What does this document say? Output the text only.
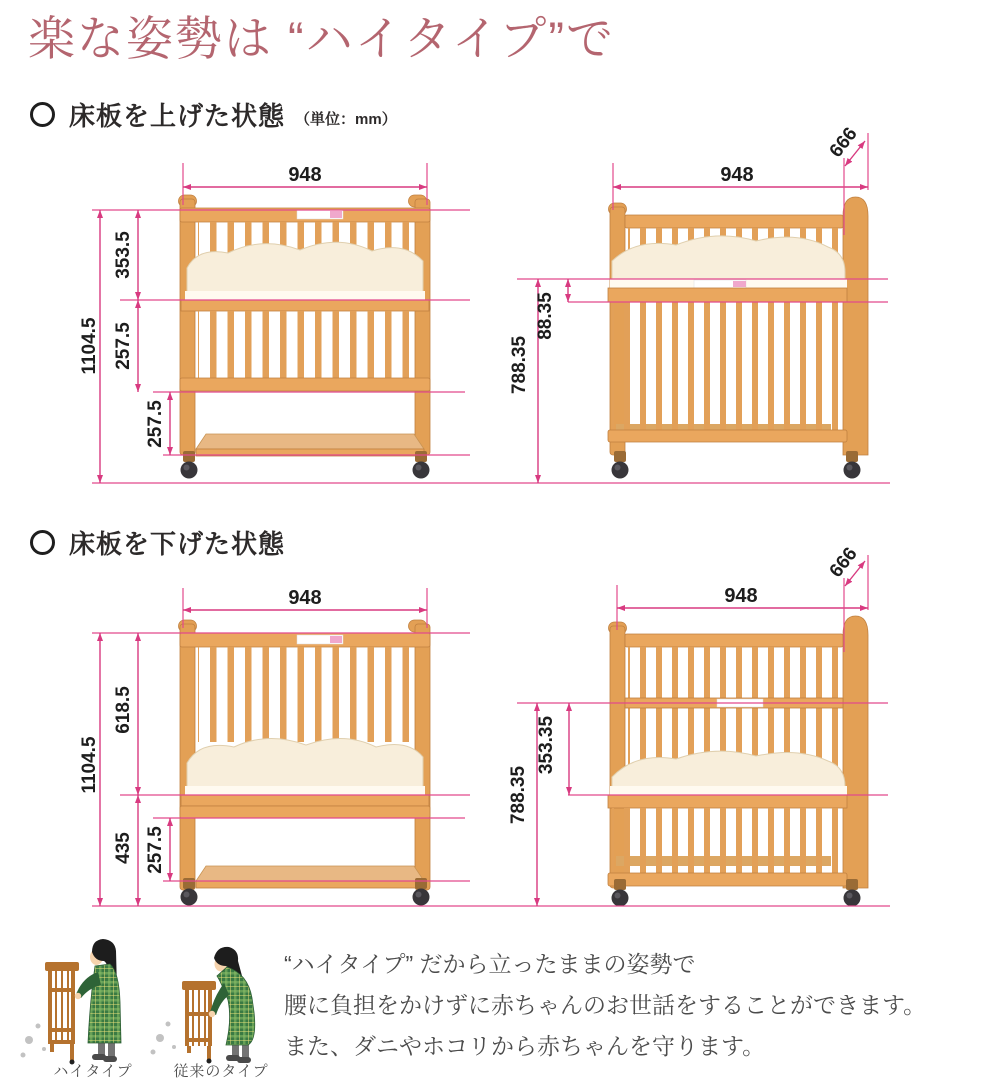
楽な姿勢は “ハイタイプ”で
床板を上げた状態 （単位：mm）
948
1104.5
353.5
257.5
257.5
948
666
788.35
88.35
床板を下げた状態
948
1104.5
618.5
435 257.5
948
666
788.35
353.35
ハイタイプ	従来のタイプ
“ハイタイプ” だから立ったままの姿勢で
腰に負担をかけずに赤ちゃんのお世話をすることができます。
また、ダニやホコリから赤ちゃんを守ります。
